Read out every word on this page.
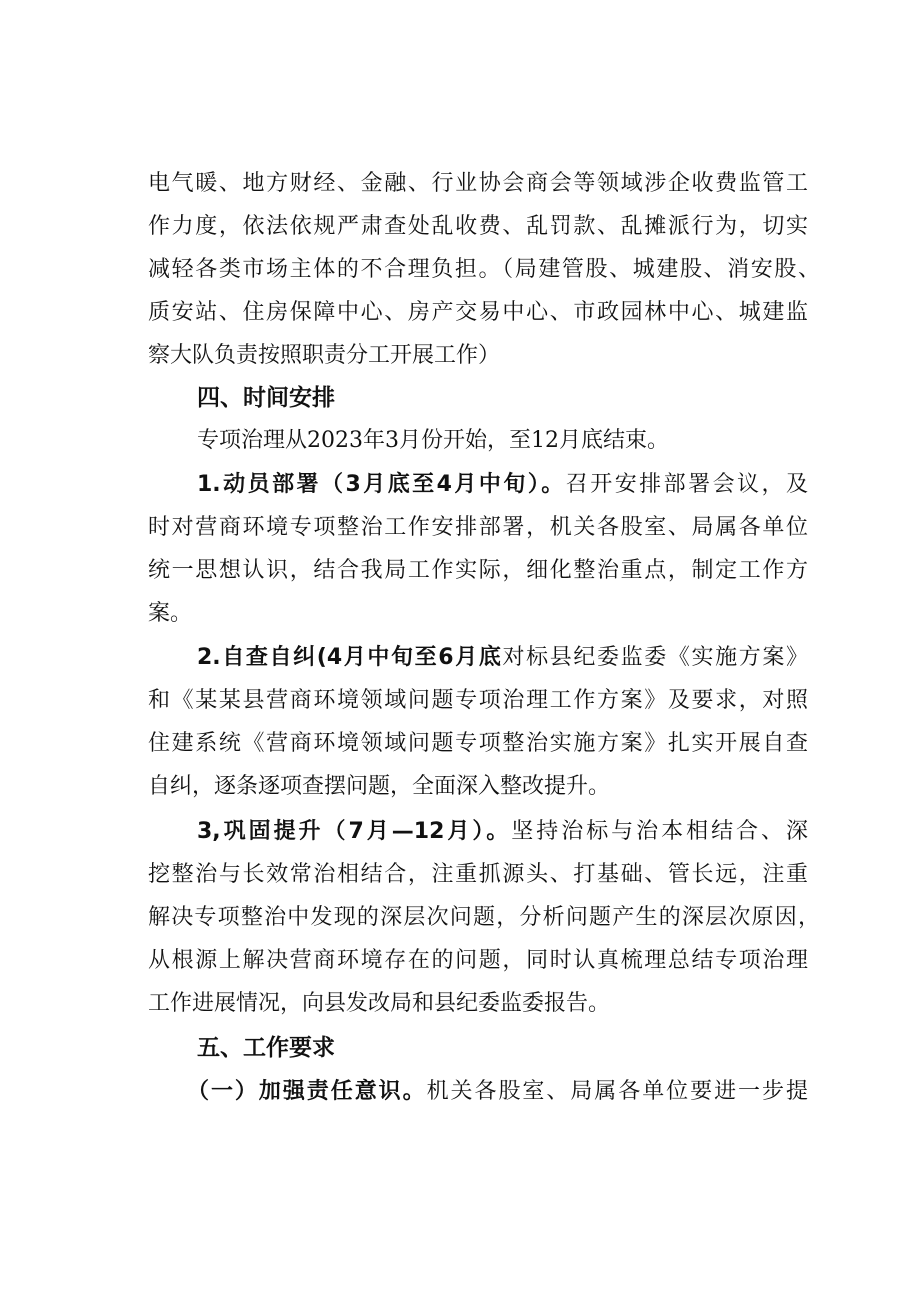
电气暖、地方财经、金融、行业协会商会等领域涉企收费监管工
作力度，依法依规严肃查处乱收费、乱罚款、乱摊派行为，切实
减轻各类市场主体的不合理负担。（局建管股、城建股、消安股、
质安站、住房保障中心、房产交易中心、市政园林中心、城建监
察大队负责按照职责分工开展工作）
四、时间安排
专项治理从2023年3月份开始，至12月底结束。
1.动员部署（3月底至4月中旬）。召开安排部署会议，及
时对营商环境专项整治工作安排部署，机关各股室、局属各单位
统一思想认识，结合我局工作实际，细化整治重点，制定工作方
案。
2.自查自纠(4月中旬至6月底对标县纪委监委《实施方案》
和《某某县营商环境领域问题专项治理工作方案》及要求，对照
住建系统《营商环境领域问题专项整治实施方案》扎实开展自查
自纠，逐条逐项查摆问题，全面深入整改提升。
3,巩固提升（7月—12月）。坚持治标与治本相结合、深
挖整治与长效常治相结合，注重抓源头、打基础、管长远，注重
解决专项整治中发现的深层次问题，分析问题产生的深层次原因，
从根源上解决营商环境存在的问题，同时认真梳理总结专项治理
工作进展情况，向县发改局和县纪委监委报告。
五、工作要求
（一）加强责任意识。机关各股室、局属各单位要进一步提
